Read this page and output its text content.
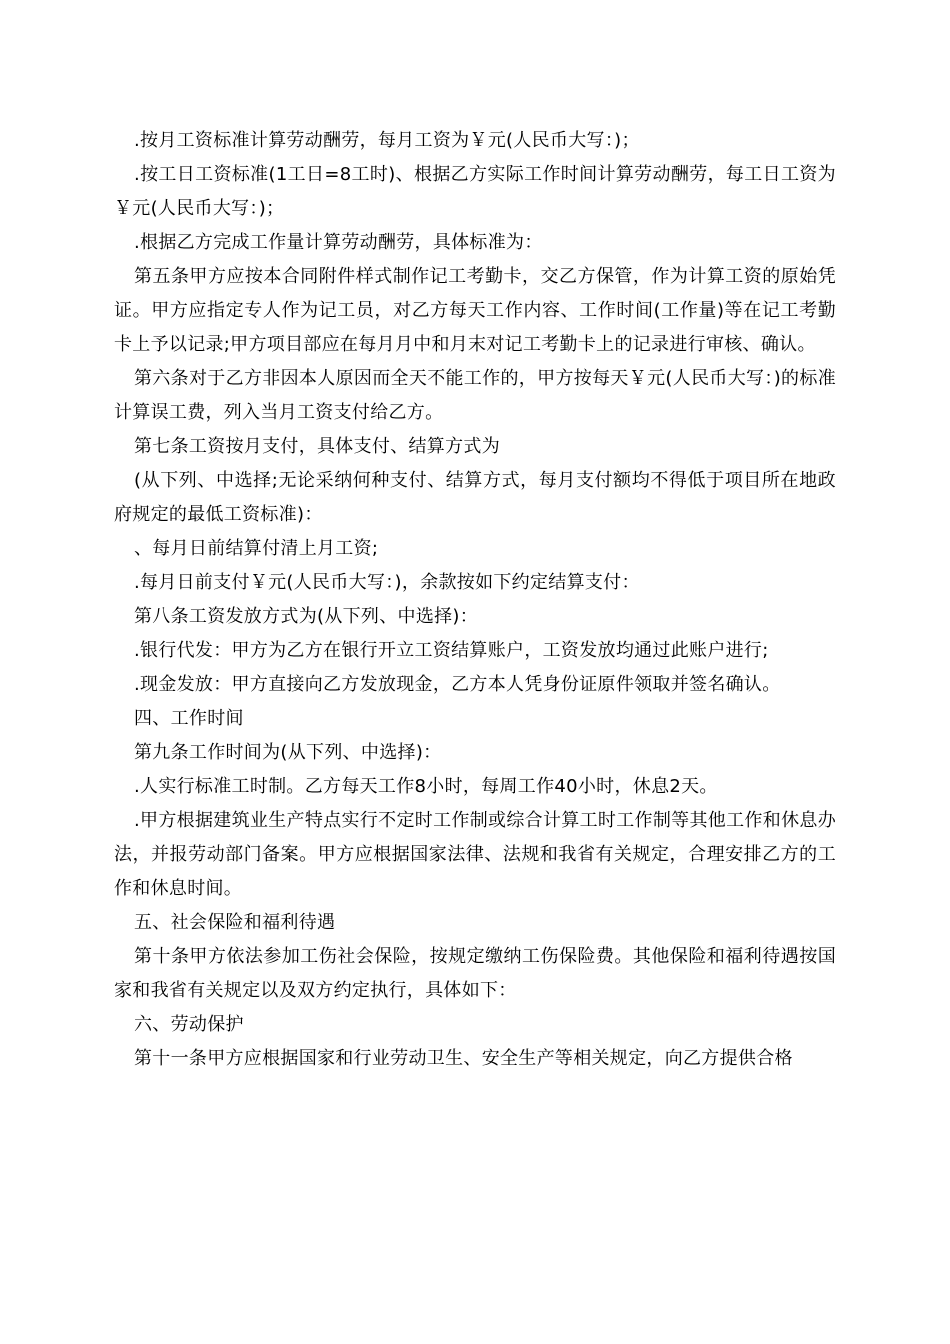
.按月工资标准计算劳动酬劳，每月工资为￥元(人民币大写：)；

.按工日工资标准(1工日=8工时)、根据乙方实际工作时间计算劳动酬劳，每工日工资为￥元(人民币大写：)；

.根据乙方完成工作量计算劳动酬劳，具体标准为：

第五条甲方应按本合同附件样式制作记工考勤卡，交乙方保管，作为计算工资的原始凭证。甲方应指定专人作为记工员，对乙方每天工作内容、工作时间(工作量)等在记工考勤卡上予以记录;甲方项目部应在每月月中和月末对记工考勤卡上的记录进行审核、确认。

第六条对于乙方非因本人原因而全天不能工作的，甲方按每天￥元(人民币大写：)的标准计算误工费，列入当月工资支付给乙方。

第七条工资按月支付，具体支付、结算方式为

(从下列、中选择;无论采纳何种支付、结算方式，每月支付额均不得低于项目所在地政府规定的最低工资标准)：

、每月日前结算付清上月工资;

.每月日前支付￥元(人民币大写：)，余款按如下约定结算支付：

第八条工资发放方式为(从下列、中选择)：

.银行代发：甲方为乙方在银行开立工资结算账户，工资发放均通过此账户进行;

.现金发放：甲方直接向乙方发放现金，乙方本人凭身份证原件领取并签名确认。

四、工作时间

第九条工作时间为(从下列、中选择)：

.人实行标准工时制。乙方每天工作8小时，每周工作40小时，休息2天。

.甲方根据建筑业生产特点实行不定时工作制或综合计算工时工作制等其他工作和休息办法，并报劳动部门备案。甲方应根据国家法律、法规和我省有关规定，合理安排乙方的工作和休息时间。

五、社会保险和福利待遇

第十条甲方依法参加工伤社会保险，按规定缴纳工伤保险费。其他保险和福利待遇按国家和我省有关规定以及双方约定执行，具体如下：

六、劳动保护

第十一条甲方应根据国家和行业劳动卫生、安全生产等相关规定，向乙方提供合格
